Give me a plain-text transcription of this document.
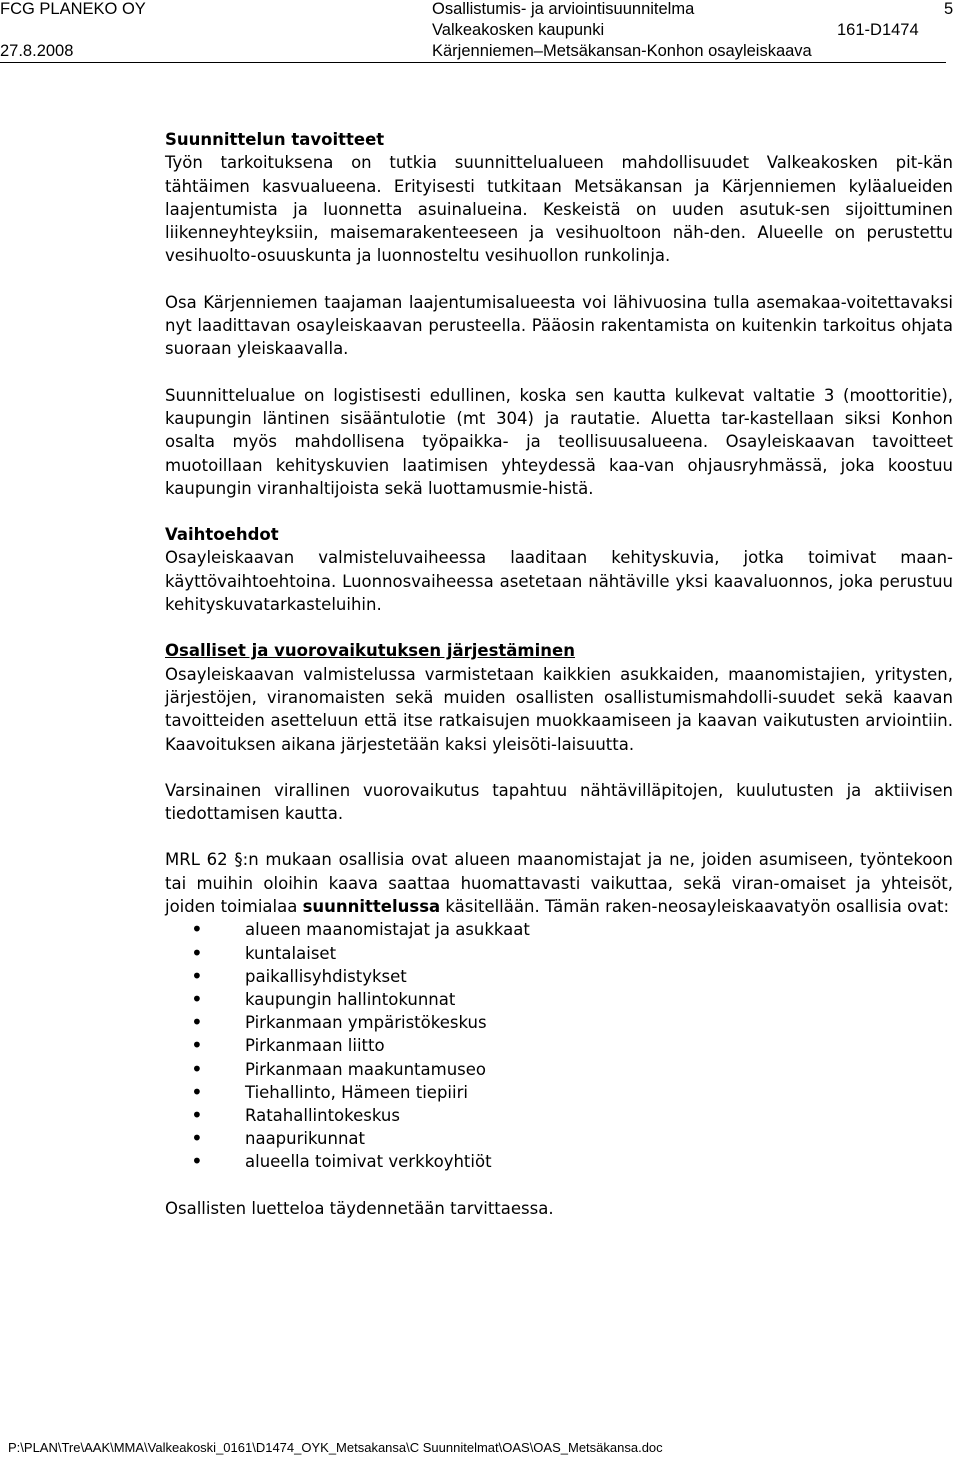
FCG PLANEKO OY	Osallistumis- ja arviointisuunnitelma	5
Valkeakosken kaupunki	161-D1474
27.8.2008	Kärjenniemen–Metsäkansan-Konhon osayleiskaava
Suunnittelun tavoitteet

Työn tarkoituksena on tutkia suunnittelualueen mahdollisuudet Valkeakosken pit-kän tähtäimen kasvualueena. Erityisesti tutkitaan Metsäkansan ja Kärjenniemen kyläalueiden laajentumista ja luonnetta asuinalueina. Keskeistä on uuden asutuk-sen sijoittuminen liikenneyhteyksiin, maisemarakenteeseen ja vesihuoltoon näh-den. Alueelle on perustettu vesihuolto-osuuskunta ja luonnosteltu vesihuollon runkolinja.

Osa Kärjenniemen taajaman laajentumisalueesta voi lähivuosina tulla asemakaa-voitettavaksi nyt laadittavan osayleiskaavan perusteella. Pääosin rakentamista on kuitenkin tarkoitus ohjata suoraan yleiskaavalla.

Suunnittelualue on logistisesti edullinen, koska sen kautta kulkevat valtatie 3 (moottoritie), kaupungin läntinen sisääntulotie (mt 304) ja rautatie. Aluetta tar-kastellaan siksi Konhon osalta myös mahdollisena työpaikka- ja teollisuusalueena. Osayleiskaavan tavoitteet muotoillaan kehityskuvien laatimisen yhteydessä kaa-van ohjausryhmässä, joka koostuu kaupungin viranhaltijoista sekä luottamusmie-histä.

Vaihtoehdot

Osayleiskaavan valmisteluvaiheessa laaditaan kehityskuvia, jotka toimivat maan-käyttövaihtoehtoina. Luonnosvaiheessa asetetaan nähtäville yksi kaavaluonnos, joka perustuu kehityskuvatarkasteluihin.

Osalliset ja vuorovaikutuksen järjestäminen

Osayleiskaavan valmistelussa varmistetaan kaikkien asukkaiden, maanomistajien, yritysten, järjestöjen, viranomaisten sekä muiden osallisten osallistumismahdolli-suudet sekä kaavan tavoitteiden asetteluun että itse ratkaisujen muokkaamiseen ja kaavan vaikutusten arviointiin. Kaavoituksen aikana järjestetään kaksi yleisöti-laisuutta.

Varsinainen virallinen vuorovaikutus tapahtuu nähtävilläpitojen, kuulutusten ja aktiivisen tiedottamisen kautta.

MRL 62 §:n mukaan osallisia ovat alueen maanomistajat ja ne, joiden asumiseen, työntekoon tai muihin oloihin kaava saattaa huomattavasti vaikuttaa, sekä viran-omaiset ja yhteisöt, joiden toimialaa suunnittelussa käsitellään. Tämän raken-neosayleiskaavatyön osallisia ovat:

• alueen maanomistajat ja asukkaat
• kuntalaiset
• paikallisyhdistykset
• kaupungin hallintokunnat
• Pirkanmaan ympäristökeskus
• Pirkanmaan liitto
• Pirkanmaan maakuntamuseo
• Tiehallinto, Hämeen tiepiiri
• Ratahallintokeskus
• naapurikunnat
• alueella toimivat verkkoyhtiöt

Osallisten luetteloa täydennetään tarvittaessa.

P:\PLAN\Tre\AAK\MMA\Valkeakoski_0161\D1474_OYK_Metsakansa\C Suunnitelmat\OAS\OAS_Metsäkansa.doc
